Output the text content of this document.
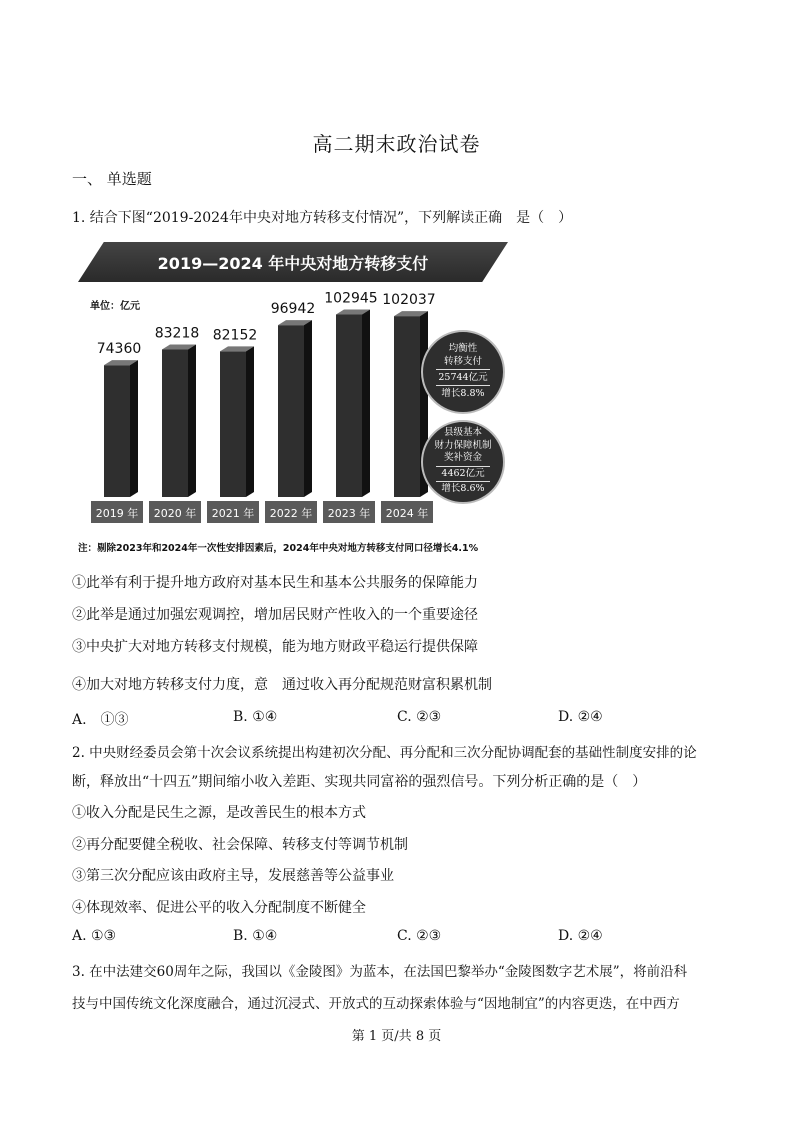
高二期末政治试卷
一、 单选题
1. 结合下图“2019-2024年中央对地方转移支付情况”，下列解读正确　是（　）
2019—2024 年中央对地方转移支付
单位：亿元
74360
2019 年
83218
2020 年
82152
2021 年
96942
2022 年
102945
2023 年
102037
2024 年
均衡性
转移支付
25744亿元
增长8.8%
县级基本
财力保障机制
奖补资金
4462亿元
增长8.6%
注：剔除2023年和2024年一次性安排因素后，2024年中央对地方转移支付同口径增长4.1%
①此举有利于提升地方政府对基本民生和基本公共服务的保障能力
②此举是通过加强宏观调控，增加居民财产性收入的一个重要途径
③中央扩大对地方转移支付规模，能为地方财政平稳运行提供保障
④加大对地方转移支付力度，意　通过收入再分配规范财富积累机制
A.　①③	B. ①④	C. ②③	D. ②④
2. 中央财经委员会第十次会议系统提出构建初次分配、再分配和三次分配协调配套的基础性制度安排的论
断，释放出“十四五”期间缩小收入差距、实现共同富裕的强烈信号。下列分析正确的是（　）
①收入分配是民生之源，是改善民生的根本方式
②再分配要健全税收、社会保障、转移支付等调节机制
③第三次分配应该由政府主导，发展慈善等公益事业
④体现效率、促进公平的收入分配制度不断健全
A. ①③	B. ①④	C. ②③	D. ②④
3. 在中法建交60周年之际，我国以《金陵图》为蓝本，在法国巴黎举办“金陵图数字艺术展”，将前沿科
技与中国传统文化深度融合，通过沉浸式、开放式的互动探索体验与“因地制宜”的内容更迭，在中西方
第 1 页/共 8 页
